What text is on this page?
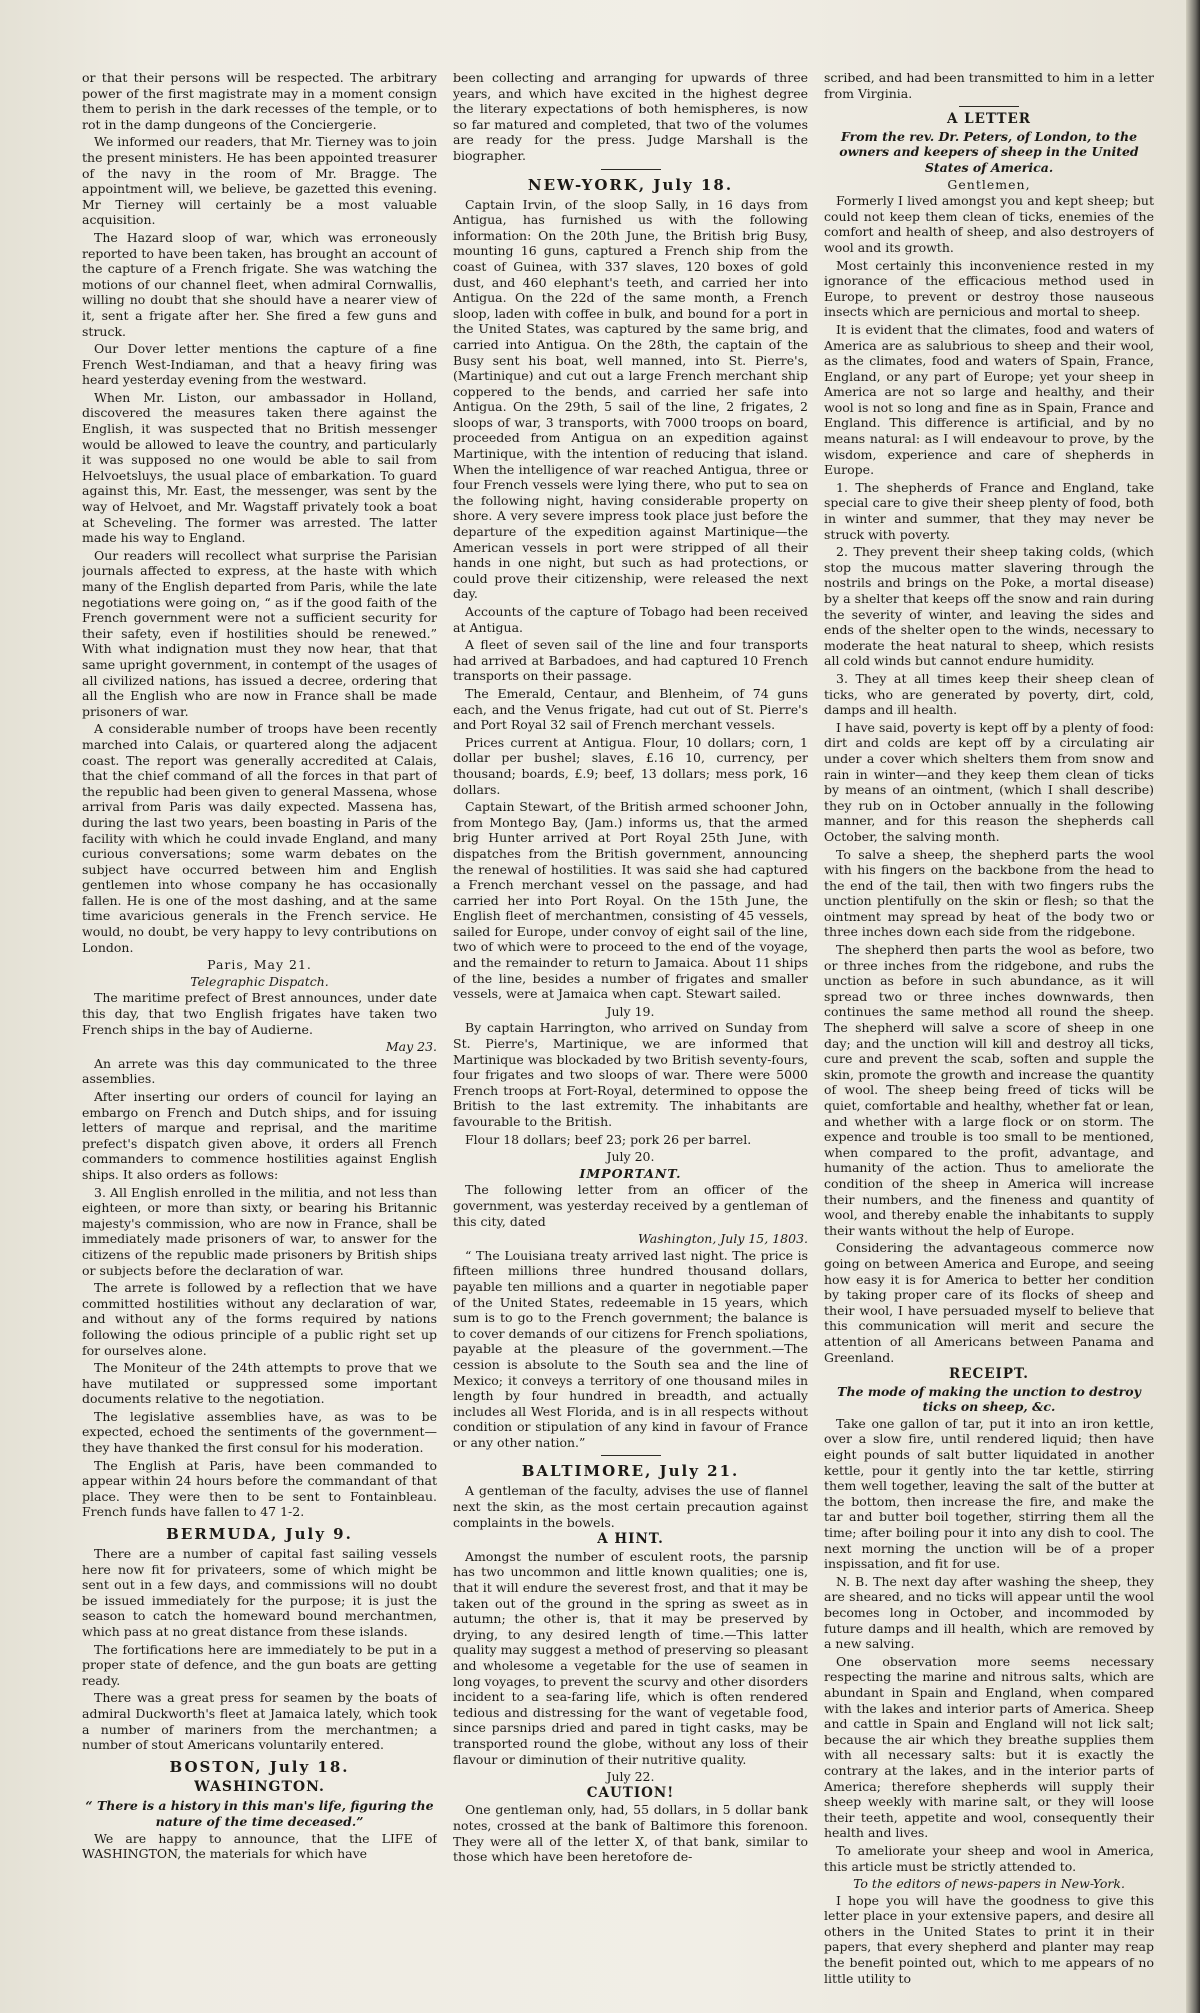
or that their persons will be respected. The arbitrary power of the first magistrate may in a moment consign them to perish in the dark recesses of the temple, or to rot in the damp dungeons of the Conciergerie.

We informed our readers, that Mr. Tierney was to join the present ministers. He has been appointed treasurer of the navy in the room of Mr. Bragge. The appointment will, we believe, be gazetted this evening. Mr Tierney will certainly be a most valuable acquisition.

The Hazard sloop of war, which was erroneously reported to have been taken, has brought an account of the capture of a French frigate. She was watching the motions of our channel fleet, when admiral Cornwallis, willing no doubt that she should have a nearer view of it, sent a frigate after her. She fired a few guns and struck.

Our Dover letter mentions the capture of a fine French West-Indiaman, and that a heavy firing was heard yesterday evening from the westward.

When Mr. Liston, our ambassador in Holland, discovered the measures taken there against the English, it was suspected that no British messenger would be allowed to leave the country, and particularly it was supposed no one would be able to sail from Helvoetsluys, the usual place of embarkation. To guard against this, Mr. East, the messenger, was sent by the way of Helvoet, and Mr. Wagstaff privately took a boat at Scheveling. The former was arrested. The latter made his way to England.

Our readers will recollect what surprise the Parisian journals affected to express, at the haste with which many of the English departed from Paris, while the late negotiations were going on, “ as if the good faith of the French government were not a sufficient security for their safety, even if hostilities should be renewed.” With what indignation must they now hear, that that same upright government, in contempt of the usages of all civilized nations, has issued a decree, ordering that all the English who are now in France shall be made prisoners of war.

A considerable number of troops have been recently marched into Calais, or quartered along the adjacent coast. The report was generally accredited at Calais, that the chief command of all the forces in that part of the republic had been given to general Massena, whose arrival from Paris was daily expected. Massena has, during the last two years, been boasting in Paris of the facility with which he could invade England, and many curious conversations; some warm debates on the subject have occurred between him and English gentlemen into whose company he has occasionally fallen. He is one of the most dashing, and at the same time avaricious generals in the French service. He would, no doubt, be very happy to levy contributions on London.

Paris, May 21.
Telegraphic Dispatch.

The maritime prefect of Brest announces, under date this day, that two English frigates have taken two French ships in the bay of Audierne.

May 23.

An arrete was this day communicated to the three assemblies.

After inserting our orders of council for laying an embargo on French and Dutch ships, and for issuing letters of marque and reprisal, and the maritime prefect's dispatch given above, it orders all French commanders to commence hostilities against English ships. It also orders as follows:

3. All English enrolled in the militia, and not less than eighteen, or more than sixty, or bearing his Britannic majesty's commission, who are now in France, shall be immediately made prisoners of war, to answer for the citizens of the republic made prisoners by British ships or subjects before the declaration of war.

The arrete is followed by a reflection that we have committed hostilities without any declaration of war, and without any of the forms required by nations following the odious principle of a public right set up for ourselves alone.

The Moniteur of the 24th attempts to prove that we have mutilated or suppressed some important documents relative to the negotiation.

The legislative assemblies have, as was to be expected, echoed the sentiments of the government—they have thanked the first consul for his moderation.

The English at Paris, have been commanded to appear within 24 hours before the commandant of that place. They were then to be sent to Fontainbleau. French funds have fallen to 47 1-2.

BERMUDA, July 9.

There are a number of capital fast sailing vessels here now fit for privateers, some of which might be sent out in a few days, and commissions will no doubt be issued immediately for the purpose; it is just the season to catch the homeward bound merchantmen, which pass at no great distance from these islands.

The fortifications here are immediately to be put in a proper state of defence, and the gun boats are getting ready.

There was a great press for seamen by the boats of admiral Duckworth's fleet at Jamaica lately, which took a number of mariners from the merchantmen; a number of stout Americans voluntarily entered.

BOSTON, July 18.
WASHINGTON.
“ There is a history in this man's life, figuring the nature of the time deceased.”

We are happy to announce, that the LIFE of WASHINGTON, the materials for which have

been collecting and arranging for upwards of three years, and which have excited in the highest degree the literary expectations of both hemispheres, is now so far matured and completed, that two of the volumes are ready for the press. Judge Marshall is the biographer.

NEW-YORK, July 18.

Captain Irvin, of the sloop Sally, in 16 days from Antigua, has furnished us with the following information: On the 20th June, the British brig Busy, mounting 16 guns, captured a French ship from the coast of Guinea, with 337 slaves, 120 boxes of gold dust, and 460 elephant's teeth, and carried her into Antigua. On the 22d of the same month, a French sloop, laden with coffee in bulk, and bound for a port in the United States, was captured by the same brig, and carried into Antigua. On the 28th, the captain of the Busy sent his boat, well manned, into St. Pierre's, (Martinique) and cut out a large French merchant ship coppered to the bends, and carried her safe into Antigua. On the 29th, 5 sail of the line, 2 frigates, 2 sloops of war, 3 transports, with 7000 troops on board, proceeded from Antigua on an expedition against Martinique, with the intention of reducing that island. When the intelligence of war reached Antigua, three or four French vessels were lying there, who put to sea on the following night, having considerable property on shore. A very severe impress took place just before the departure of the expedition against Martinique—the American vessels in port were stripped of all their hands in one night, but such as had protections, or could prove their citizenship, were released the next day.

Accounts of the capture of Tobago had been received at Antigua.

A fleet of seven sail of the line and four transports had arrived at Barbadoes, and had captured 10 French transports on their passage.

The Emerald, Centaur, and Blenheim, of 74 guns each, and the Venus frigate, had cut out of St. Pierre's and Port Royal 32 sail of French merchant vessels.

Prices current at Antigua. Flour, 10 dollars; corn, 1 dollar per bushel; slaves, £.16 10, currency, per thousand; boards, £.9; beef, 13 dollars; mess pork, 16 dollars.

Captain Stewart, of the British armed schooner John, from Montego Bay, (Jam.) informs us, that the armed brig Hunter arrived at Port Royal 25th June, with dispatches from the British government, announcing the renewal of hostilities. It was said she had captured a French merchant vessel on the passage, and had carried her into Port Royal. On the 15th June, the English fleet of merchantmen, consisting of 45 vessels, sailed for Europe, under convoy of eight sail of the line, two of which were to proceed to the end of the voyage, and the remainder to return to Jamaica. About 11 ships of the line, besides a number of frigates and smaller vessels, were at Jamaica when capt. Stewart sailed.

July 19.

By captain Harrington, who arrived on Sunday from St. Pierre's, Martinique, we are informed that Martinique was blockaded by two British seventy-fours, four frigates and two sloops of war. There were 5000 French troops at Fort-Royal, determined to oppose the British to the last extremity. The inhabitants are favourable to the British.

Flour 18 dollars; beef 23; pork 26 per barrel.

July 20.
IMPORTANT.

The following letter from an officer of the government, was yesterday received by a gentleman of this city, dated

Washington, July 15, 1803.

“ The Louisiana treaty arrived last night. The price is fifteen millions three hundred thousand dollars, payable ten millions and a quarter in negotiable paper of the United States, redeemable in 15 years, which sum is to go to the French government; the balance is to cover demands of our citizens for French spoliations, payable at the pleasure of the government.—The cession is absolute to the South sea and the line of Mexico; it conveys a territory of one thousand miles in length by four hundred in breadth, and actually includes all West Florida, and is in all respects without condition or stipulation of any kind in favour of France or any other nation.”

BALTIMORE, July 21.

A gentleman of the faculty, advises the use of flannel next the skin, as the most certain precaution against complaints in the bowels.

A HINT.

Amongst the number of esculent roots, the parsnip has two uncommon and little known qualities; one is, that it will endure the severest frost, and that it may be taken out of the ground in the spring as sweet as in autumn; the other is, that it may be preserved by drying, to any desired length of time.—This latter quality may suggest a method of preserving so pleasant and wholesome a vegetable for the use of seamen in long voyages, to prevent the scurvy and other disorders incident to a sea-faring life, which is often rendered tedious and distressing for the want of vegetable food, since parsnips dried and pared in tight casks, may be transported round the globe, without any loss of their flavour or diminution of their nutritive quality.

July 22.
CAUTION!

One gentleman only, had, 55 dollars, in 5 dollar bank notes, crossed at the bank of Baltimore this forenoon. They were all of the letter X, of that bank, similar to those which have been heretofore de-

scribed, and had been transmitted to him in a letter from Virginia.

A LETTER
From the rev. Dr. Peters, of London, to the owners and keepers of sheep in the United States of America.
Gentlemen,

Formerly I lived amongst you and kept sheep; but could not keep them clean of ticks, enemies of the comfort and health of sheep, and also destroyers of wool and its growth.

Most certainly this inconvenience rested in my ignorance of the efficacious method used in Europe, to prevent or destroy those nauseous insects which are pernicious and mortal to sheep.

It is evident that the climates, food and waters of America are as salubrious to sheep and their wool, as the climates, food and waters of Spain, France, England, or any part of Europe; yet your sheep in America are not so large and healthy, and their wool is not so long and fine as in Spain, France and England. This difference is artificial, and by no means natural: as I will endeavour to prove, by the wisdom, experience and care of shepherds in Europe.

1. The shepherds of France and England, take special care to give their sheep plenty of food, both in winter and summer, that they may never be struck with poverty.

2. They prevent their sheep taking colds, (which stop the mucous matter slavering through the nostrils and brings on the Poke, a mortal disease) by a shelter that keeps off the snow and rain during the severity of winter, and leaving the sides and ends of the shelter open to the winds, necessary to moderate the heat natural to sheep, which resists all cold winds but cannot endure humidity.

3. They at all times keep their sheep clean of ticks, who are generated by poverty, dirt, cold, damps and ill health.

I have said, poverty is kept off by a plenty of food: dirt and colds are kept off by a circulating air under a cover which shelters them from snow and rain in winter—and they keep them clean of ticks by means of an ointment, (which I shall describe) they rub on in October annually in the following manner, and for this reason the shepherds call October, the salving month.

To salve a sheep, the shepherd parts the wool with his fingers on the backbone from the head to the end of the tail, then with two fingers rubs the unction plentifully on the skin or flesh; so that the ointment may spread by heat of the body two or three inches down each side from the ridgebone.

The shepherd then parts the wool as before, two or three inches from the ridgebone, and rubs the unction as before in such abundance, as it will spread two or three inches downwards, then continues the same method all round the sheep. The shepherd will salve a score of sheep in one day; and the unction will kill and destroy all ticks, cure and prevent the scab, soften and supple the skin, promote the growth and increase the quantity of wool. The sheep being freed of ticks will be quiet, comfortable and healthy, whether fat or lean, and whether with a large flock or on storm. The expence and trouble is too small to be mentioned, when compared to the profit, advantage, and humanity of the action. Thus to ameliorate the condition of the sheep in America will increase their numbers, and the fineness and quantity of wool, and thereby enable the inhabitants to supply their wants without the help of Europe.

Considering the advantageous commerce now going on between America and Europe, and seeing how easy it is for America to better her condition by taking proper care of its flocks of sheep and their wool, I have persuaded myself to believe that this communication will merit and secure the attention of all Americans between Panama and Greenland.

RECEIPT.
The mode of making the unction to destroy ticks on sheep, &c.

Take one gallon of tar, put it into an iron kettle, over a slow fire, until rendered liquid; then have eight pounds of salt butter liquidated in another kettle, pour it gently into the tar kettle, stirring them well together, leaving the salt of the butter at the bottom, then increase the fire, and make the tar and butter boil together, stirring them all the time; after boiling pour it into any dish to cool. The next morning the unction will be of a proper inspissation, and fit for use.

N. B. The next day after washing the sheep, they are sheared, and no ticks will appear until the wool becomes long in October, and incommoded by future damps and ill health, which are removed by a new salving.

One observation more seems necessary respecting the marine and nitrous salts, which are abundant in Spain and England, when compared with the lakes and interior parts of America. Sheep and cattle in Spain and England will not lick salt; because the air which they breathe supplies them with all necessary salts: but it is exactly the contrary at the lakes, and in the interior parts of America; therefore shepherds will supply their sheep weekly with marine salt, or they will loose their teeth, appetite and wool, consequently their health and lives.

To ameliorate your sheep and wool in America, this article must be strictly attended to.

To the editors of news-papers in New-York.

I hope you will have the goodness to give this letter place in your extensive papers, and desire all others in the United States to print it in their papers, that every shepherd and planter may reap the benefit pointed out, which to me appears of no little utility to
